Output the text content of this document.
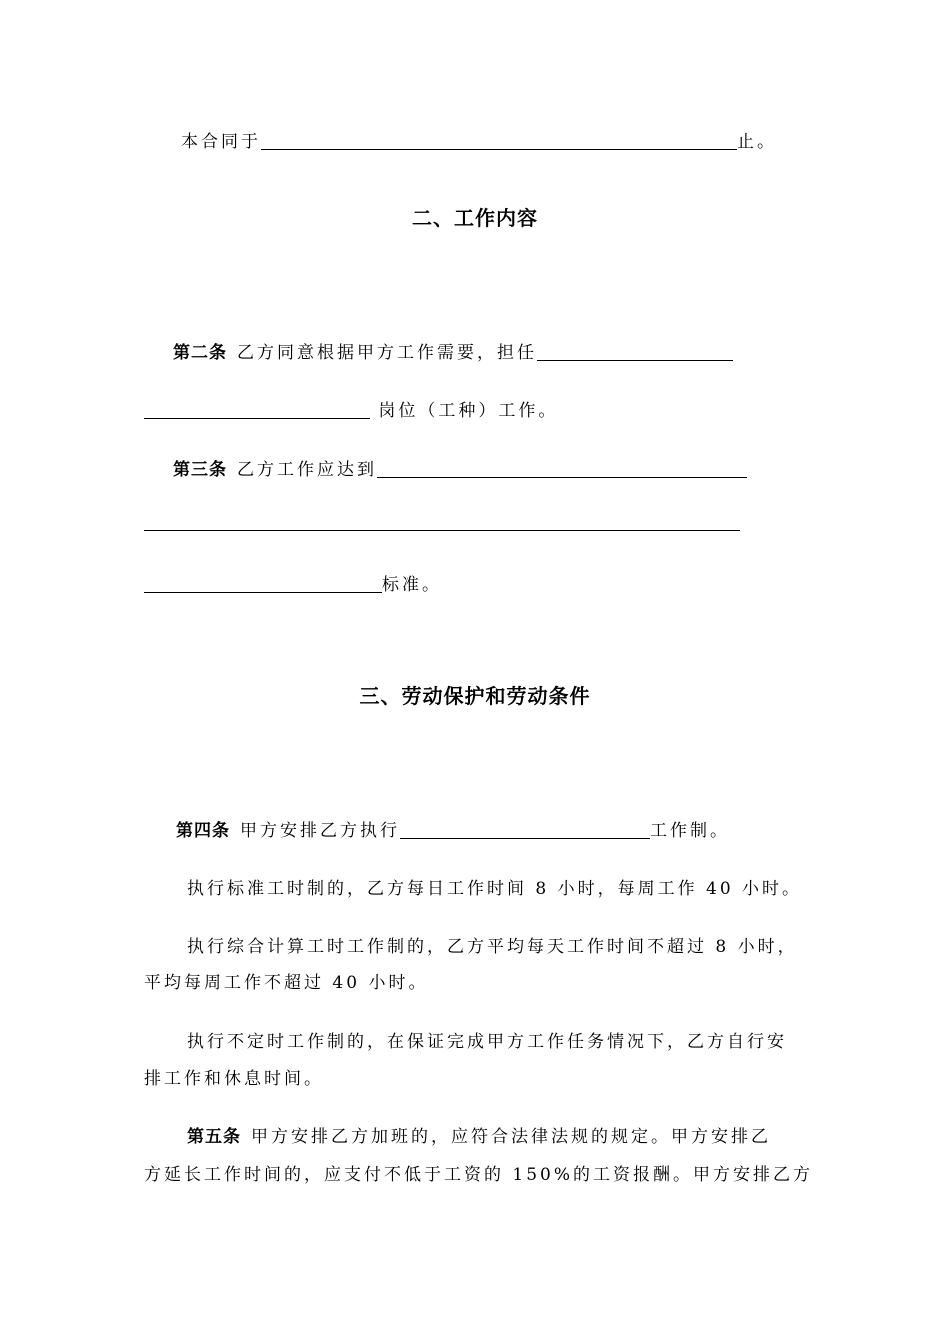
本合同于	止。
二、工作内容
第二条 乙方同意根据甲方工作需要，担任
岗位（工种）工作。
第三条 乙方工作应达到
标准。
三、劳动保护和劳动条件
第四条 甲方安排乙方执行	工作制。
执行标准工时制的，乙方每日工作时间 8 小时，每周工作 40 小时。
执行综合计算工时工作制的，乙方平均每天工作时间不超过 8 小时，
平均每周工作不超过 40 小时。
执行不定时工作制的，在保证完成甲方工作任务情况下，乙方自行安
排工作和休息时间。
第五条 甲方安排乙方加班的，应符合法律法规的规定。甲方安排乙
方延长工作时间的，应支付不低于工资的 150%的工资报酬。甲方安排乙方
